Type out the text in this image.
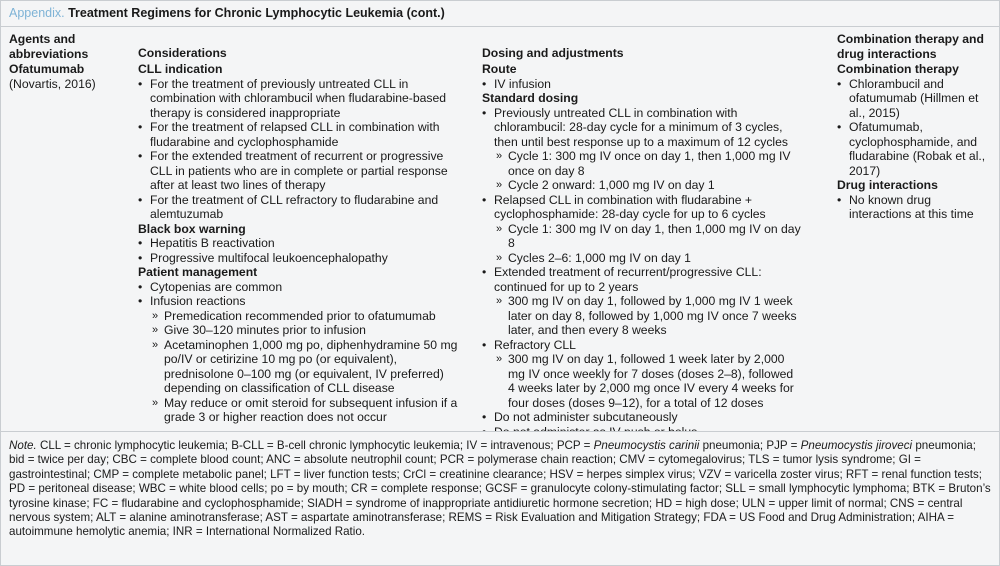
Appendix. Treatment Regimens for Chronic Lymphocytic Leukemia (cont.)
Agents and
abbreviations	Considerations	Dosing and adjustments
Combination therapy and
drug interactions
Ofatumumab
(Novartis, 2016)
CLL indication
• For the treatment of previously untreated CLL in combination with chlorambucil when fludarabine-based therapy is considered inappropriate
• For the treatment of relapsed CLL in combination with fludarabine and cyclophosphamide
• For the extended treatment of recurrent or progressive CLL in patients who are in complete or partial response after at least two lines of therapy
• For the treatment of CLL refractory to fludarabine and alemtuzumab
Black box warning
• Hepatitis B reactivation
• Progressive multifocal leukoencephalopathy
Patient management
• Cytopenias are common
• Infusion reactions
» Premedication recommended prior to ofatumumab
» Give 30–120 minutes prior to infusion
» Acetaminophen 1,000 mg po, diphenhydramine 50 mg po/IV or cetirizine 10 mg po (or equivalent), prednisolone 0–100 mg (or equivalent, IV preferred) depending on classification of CLL disease
» May reduce or omit steroid for subsequent infusion if a grade 3 or higher reaction does not occur
Route
• IV infusion
Standard dosing
• Previously untreated CLL in combination with chlorambucil: 28-day cycle for a minimum of 3 cycles, then until best response up to a maximum of 12 cycles
» Cycle 1: 300 mg IV once on day 1, then 1,000 mg IV once on day 8
» Cycle 2 onward: 1,000 mg IV on day 1
• Relapsed CLL in combination with fludarabine + cyclophosphamide: 28-day cycle for up to 6 cycles
» Cycle 1: 300 mg IV on day 1, then 1,000 mg IV on day 8
» Cycles 2–6: 1,000 mg IV on day 1
• Extended treatment of recurrent/progressive CLL: continued for up to 2 years
» 300 mg IV on day 1, followed by 1,000 mg IV 1 week later on day 8, followed by 1,000 mg IV once 7 weeks later, and then every 8 weeks
• Refractory CLL
» 300 mg IV on day 1, followed 1 week later by 2,000 mg IV once weekly for 7 doses (doses 2–8), followed 4 weeks later by 2,000 mg once IV every 4 weeks for four doses (doses 9–12), for a total of 12 doses
• Do not administer subcutaneously
•
Combination therapy
• Chlorambucil and ofatumumab (Hillmen et al., 2015)
• Ofatumumab, cyclophosphamide, and fludarabine (Robak et al., 2017)
Drug interactions
• No known drug interactions at this time
Note. CLL = chronic lymphocytic leukemia; B-CLL = B-cell chronic lymphocytic leukemia; IV = intravenous; PCP = Pneumocystis carinii pneumonia; PJP = Pneumocystis jiroveci pneumonia; bid = twice per day; CBC = complete blood count; ANC = absolute neutrophil count; PCR = polymerase chain reaction; CMV = cytomegalovirus; TLS = tumor lysis syndrome; GI = gastrointestinal; CMP = complete metabolic panel; LFT = liver function tests; CrCl = creatinine clearance; HSV = herpes simplex virus; VZV = varicella zoster virus; RFT = renal function tests; PD = peritoneal disease; WBC = white blood cells; po = by mouth; CR = complete response; GCSF = granulocyte colony-stimulating factor; SLL = small lymphocytic lymphoma; BTK = Bruton’s tyrosine kinase; FC = fludarabine and cyclophosphamide; SIADH = syndrome of inappropriate antidiuretic hormone secretion; HD = high dose; ULN = upper limit of normal; CNS = central nervous system; ALT = alanine aminotransferase; AST = aspartate aminotransferase; REMS = Risk Evaluation and Mitigation Strategy; FDA = US Food and Drug Administration; AIHA = autoimmune hemolytic anemia; INR = International Normalized Ratio.
